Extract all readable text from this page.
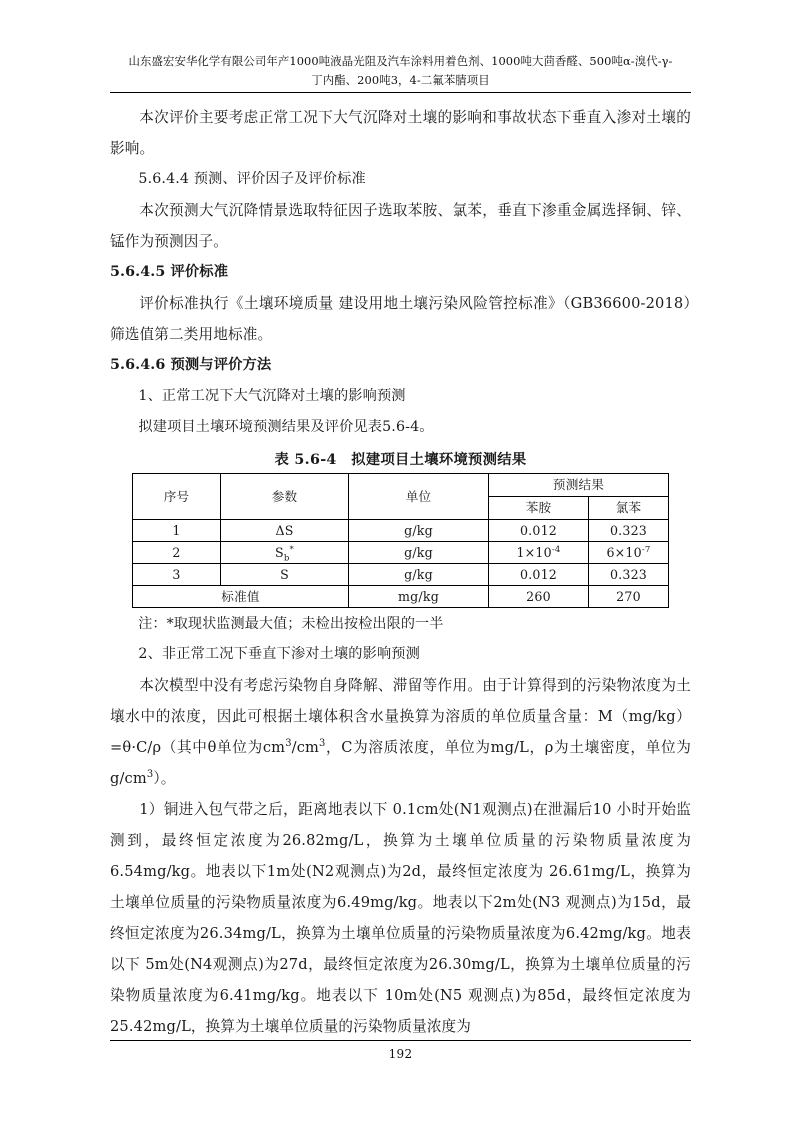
山东盛宏安华化学有限公司年产1000吨液晶光阻及汽车涂料用着色剂、1000吨大茴香醛、500吨α-溴代-γ-
丁内酯、200吨3，4-二氟苯腈项目

本次评价主要考虑正常工况下大气沉降对土壤的影响和事故状态下垂直入渗对土壤的影响。

5.6.4.4 预测、评价因子及评价标准

本次预测大气沉降情景选取特征因子选取苯胺、氯苯，垂直下渗重金属选择铜、锌、锰作为预测因子。

5.6.4.5 评价标准

评价标准执行《土壤环境质量 建设用地土壤污染风险管控标准》（GB36600-2018）筛选值第二类用地标准。

5.6.4.6 预测与评价方法

1、正常工况下大气沉降对土壤的影响预测

拟建项目土壤环境预测结果及评价见表5.6-4。

表 5.6-4　拟建项目土壤环境预测结果
序号	参数	单位	预测结果	
			苯胺	氯苯
1	ΔS	g/kg	0.012	0.323
2	$S_b^*$	g/kg	$1\times 10^{-4}$	$6\times 10^{-7}$
3	S	g/kg	0.012	0.323
标准值		mg/kg	260	270

注：*取现状监测最大值；未检出按检出限的一半

2、非正常工况下垂直下渗对土壤的影响预测

本次模型中没有考虑污染物自身降解、滞留等作用。由于计算得到的污染物浓度为土壤水中的浓度，因此可根据土壤体积含水量换算为溶质的单位质量含量：M（mg/kg）=θ·C/ρ（其中θ单位为$cm^3/cm^3$，C为溶质浓度，单位为mg/L，ρ为土壤密度，单位为 $g/cm^3$）。

1）铜进入包气带之后，距离地表以下 0.1cm处(N1观测点)在泄漏后10 小时开始监测到，最终恒定浓度为26.82mg/L，换算为土壤单位质量的污染物质量浓度为 6.54mg/kg。地表以下1m处(N2观测点)为2d，最终恒定浓度为 26.61mg/L，换算为土壤单位质量的污染物质量浓度为6.49mg/kg。地表以下2m处(N3 观测点)为15d，最终恒定浓度为26.34mg/L，换算为土壤单位质量的污染物质量浓度为6.42mg/kg。地表以下 5m处(N4观测点)为27d，最终恒定浓度为26.30mg/L，换算为土壤单位质量的污染物质量浓度为6.41mg/kg。地表以下 10m处(N5 观测点)为85d，最终恒定浓度为25.42mg/L，换算为土壤单位质量的污染物质量浓度为

192
